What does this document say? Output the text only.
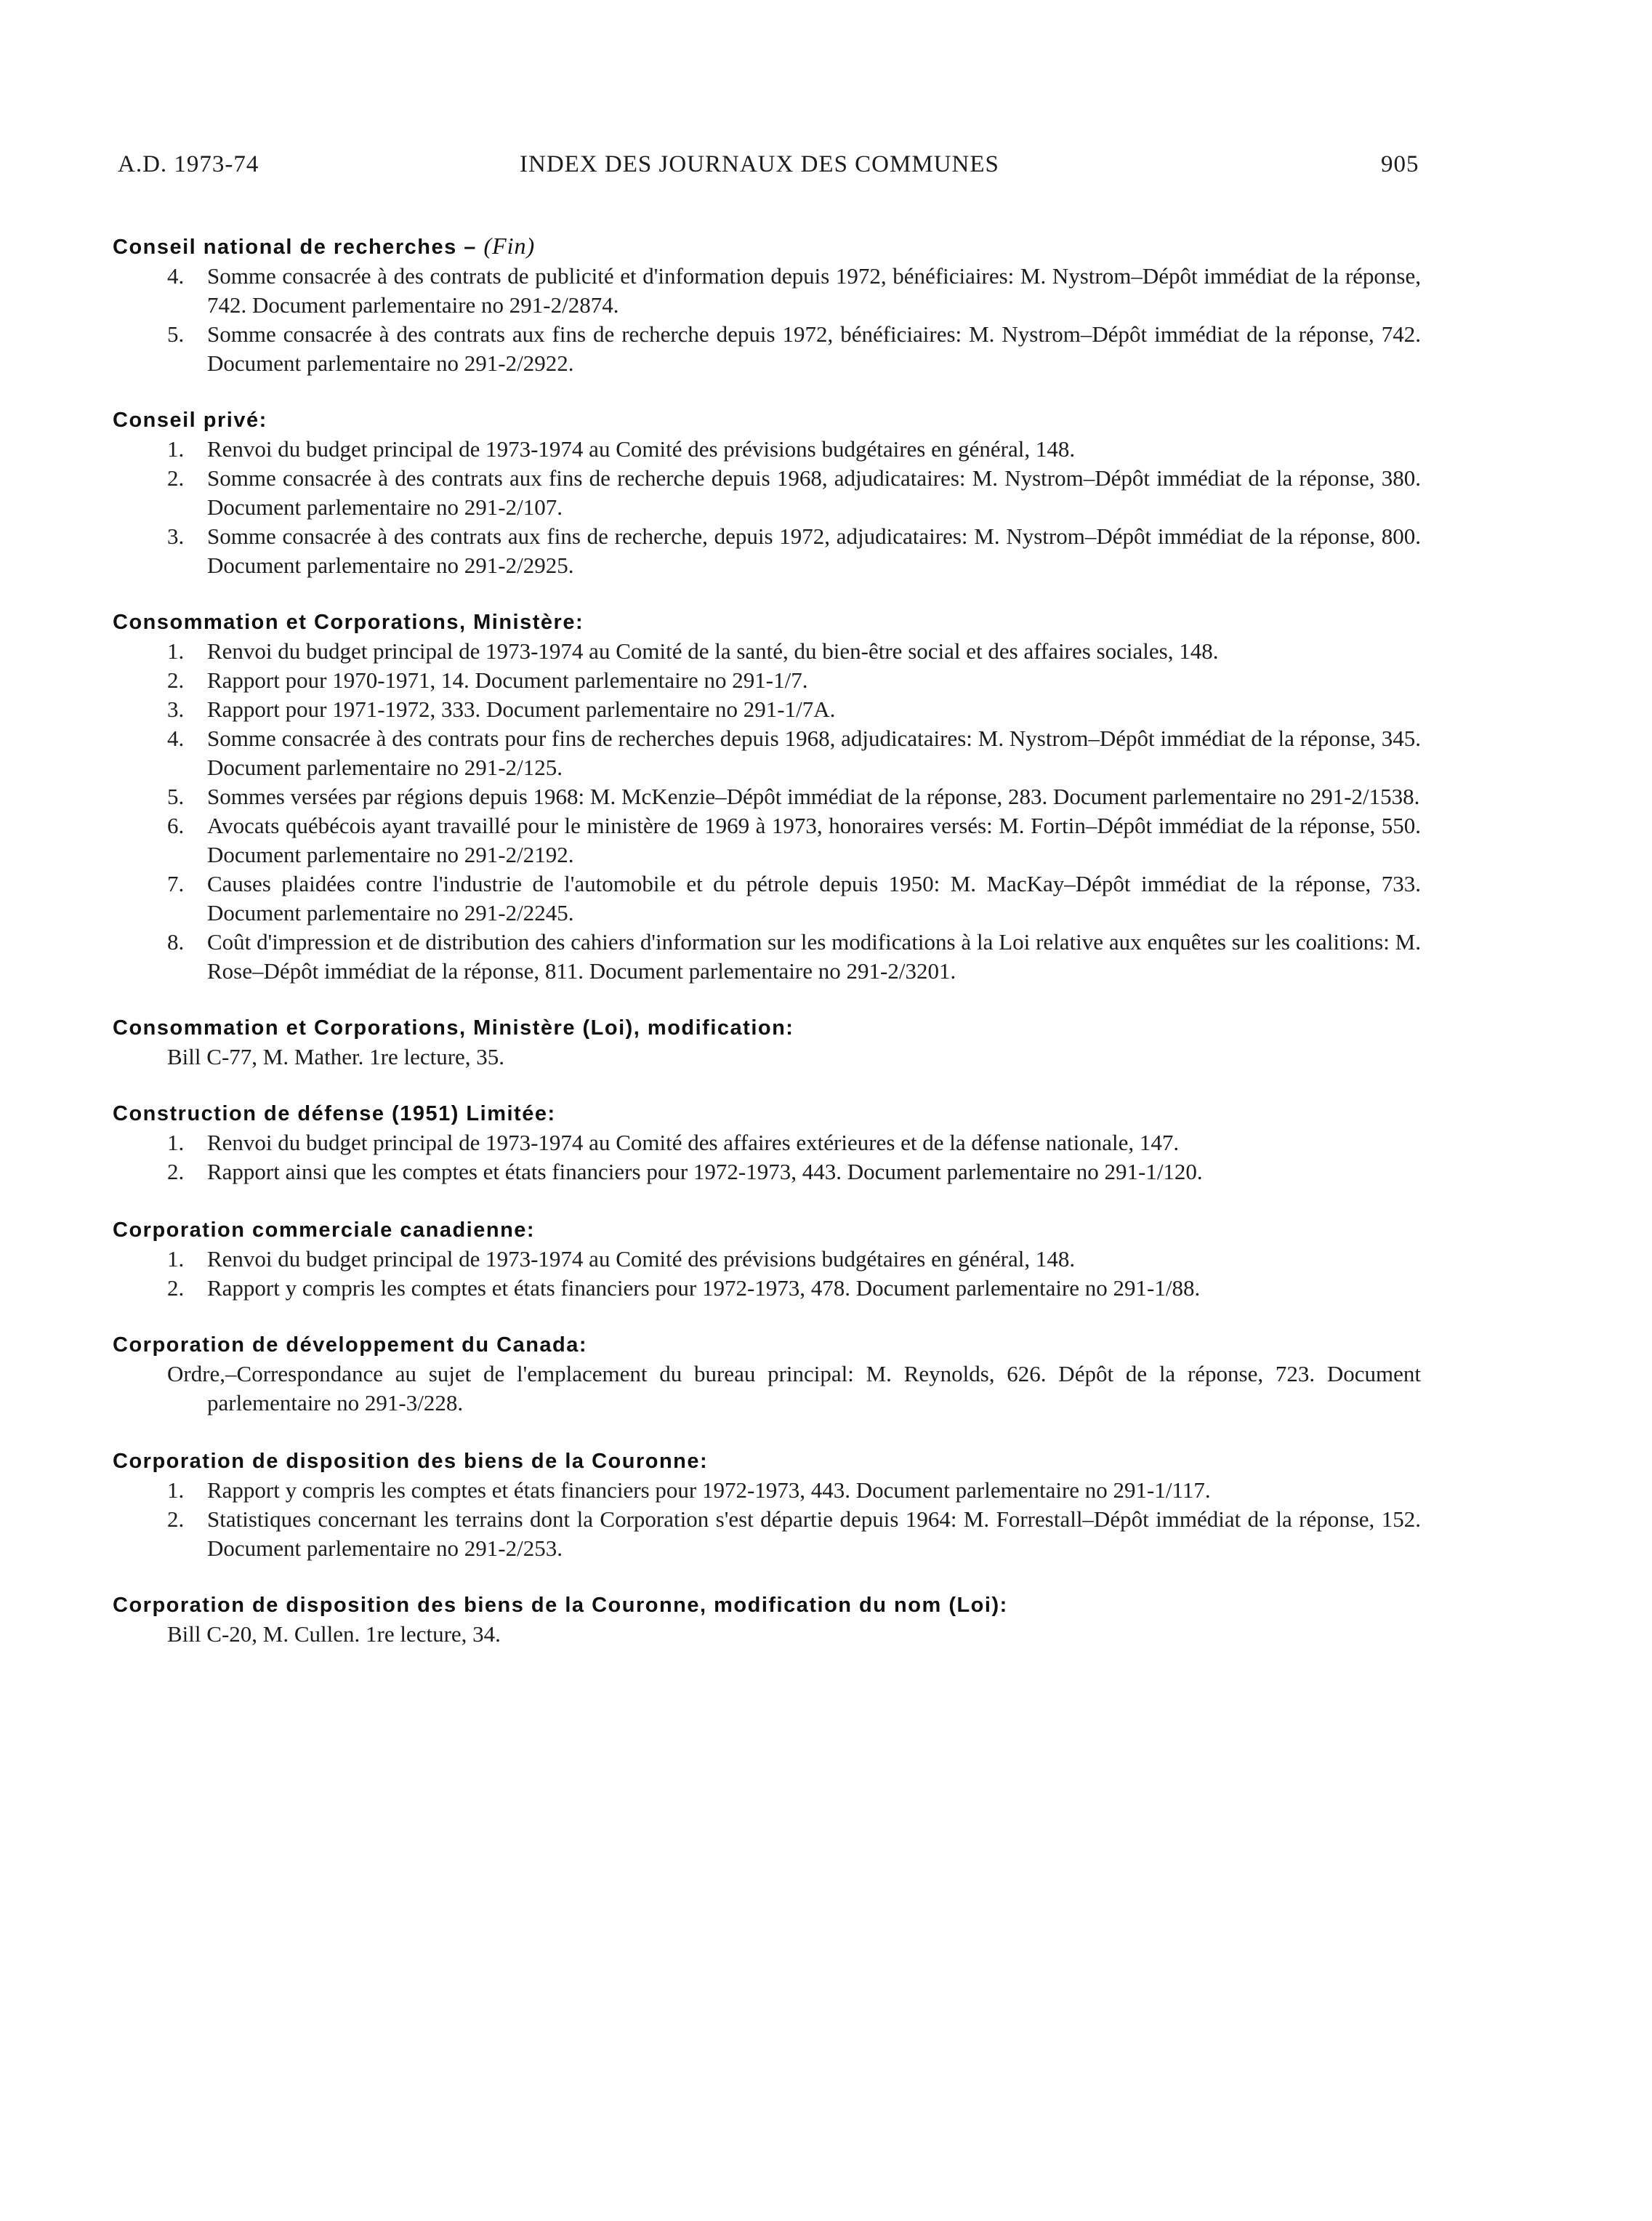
A.D. 1973-74	INDEX DES JOURNAUX DES COMMUNES	905
Conseil national de recherches – (Fin)
4. Somme consacrée à des contrats de publicité et d'information depuis 1972, bénéficiaires: M. Nystrom–Dépôt immédiat de la réponse, 742. Document parlementaire no 291-2/2874.
5. Somme consacrée à des contrats aux fins de recherche depuis 1972, bénéficiaires: M. Nystrom–Dépôt immédiat de la réponse, 742. Document parlementaire no 291-2/2922.
Conseil privé:
1. Renvoi du budget principal de 1973-1974 au Comité des prévisions budgétaires en général, 148.
2. Somme consacrée à des contrats aux fins de recherche depuis 1968, adjudicataires: M. Nystrom–Dépôt immédiat de la réponse, 380. Document parlementaire no 291-2/107.
3. Somme consacrée à des contrats aux fins de recherche, depuis 1972, adjudicataires: M. Nystrom–Dépôt immédiat de la réponse, 800. Document parlementaire no 291-2/2925.
Consommation et Corporations, Ministère:
1. Renvoi du budget principal de 1973-1974 au Comité de la santé, du bien-être social et des affaires sociales, 148.
2. Rapport pour 1970-1971, 14. Document parlementaire no 291-1/7.
3. Rapport pour 1971-1972, 333. Document parlementaire no 291-1/7A.
4. Somme consacrée à des contrats pour fins de recherches depuis 1968, adjudicataires: M. Nystrom–Dépôt immédiat de la réponse, 345. Document parlementaire no 291-2/125.
5. Sommes versées par régions depuis 1968: M. McKenzie–Dépôt immédiat de la réponse, 283. Document parlementaire no 291-2/1538.
6. Avocats québécois ayant travaillé pour le ministère de 1969 à 1973, honoraires versés: M. Fortin–Dépôt immédiat de la réponse, 550. Document parlementaire no 291-2/2192.
7. Causes plaidées contre l'industrie de l'automobile et du pétrole depuis 1950: M. MacKay–Dépôt immédiat de la réponse, 733. Document parlementaire no 291-2/2245.
8. Coût d'impression et de distribution des cahiers d'information sur les modifications à la Loi relative aux enquêtes sur les coalitions: M. Rose–Dépôt immédiat de la réponse, 811. Document parlementaire no 291-2/3201.
Consommation et Corporations, Ministère (Loi), modification:
Bill C-77, M. Mather. 1re lecture, 35.
Construction de défense (1951) Limitée:
1. Renvoi du budget principal de 1973-1974 au Comité des affaires extérieures et de la défense nationale, 147.
2. Rapport ainsi que les comptes et états financiers pour 1972-1973, 443. Document parlementaire no 291-1/120.
Corporation commerciale canadienne:
1. Renvoi du budget principal de 1973-1974 au Comité des prévisions budgétaires en général, 148.
2. Rapport y compris les comptes et états financiers pour 1972-1973, 478. Document parlementaire no 291-1/88.
Corporation de développement du Canada:
Ordre,–Correspondance au sujet de l'emplacement du bureau principal: M. Reynolds, 626. Dépôt de la réponse, 723. Document parlementaire no 291-3/228.
Corporation de disposition des biens de la Couronne:
1. Rapport y compris les comptes et états financiers pour 1972-1973, 443. Document parlementaire no 291-1/117.
2. Statistiques concernant les terrains dont la Corporation s'est départie depuis 1964: M. Forrestall–Dépôt immédiat de la réponse, 152. Document parlementaire no 291-2/253.
Corporation de disposition des biens de la Couronne, modification du nom (Loi):
Bill C-20, M. Cullen. 1re lecture, 34.
